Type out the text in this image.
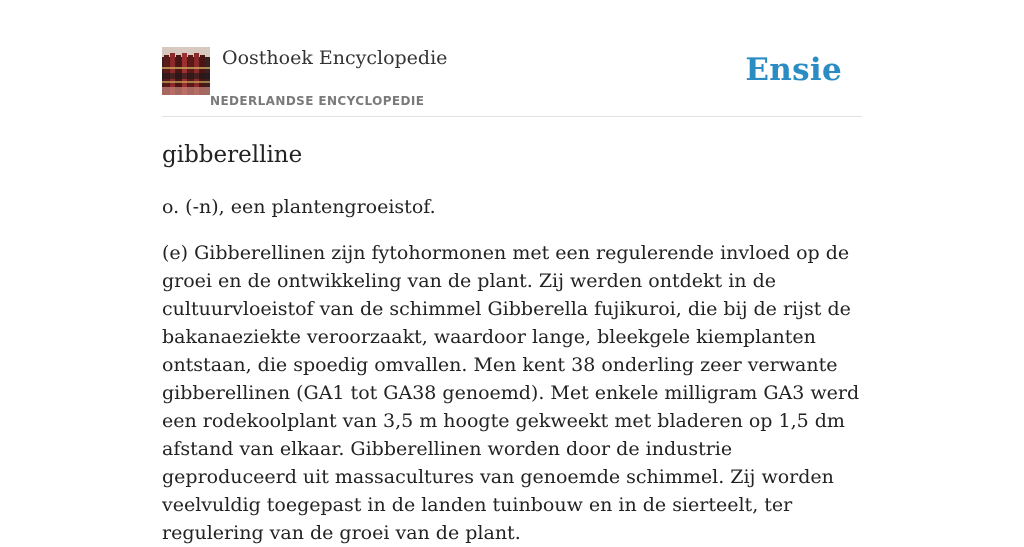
Oosthoek Encyclopedie
NEDERLANDSE ENCYCLOPEDIE
Ensie
gibberelline

o. (-n), een plantengroeistof.

(e) Gibberellinen zijn fytohormonen met een regulerende invloed op de groei en de ontwikkeling van de plant. Zij werden ontdekt in de cultuurvloeistof van de schimmel Gibberella fujikuroi, die bij de rijst de bakanaeziekte veroorzaakt, waardoor lange, bleekgele kiemplanten ontstaan, die spoedig omvallen. Men kent 38 onderling zeer verwante gibberellinen (GA1 tot GA38 genoemd). Met enkele milligram GA3 werd een rodekoolplant van 3,5 m hoogte gekweekt met bladeren op 1,5 dm afstand van elkaar. Gibberellinen worden door de industrie geproduceerd uit massacultures van genoemde schimmel. Zij worden veelvuldig toegepast in de landen tuinbouw en in de sierteelt, ter regulering van de groei van de plant.
